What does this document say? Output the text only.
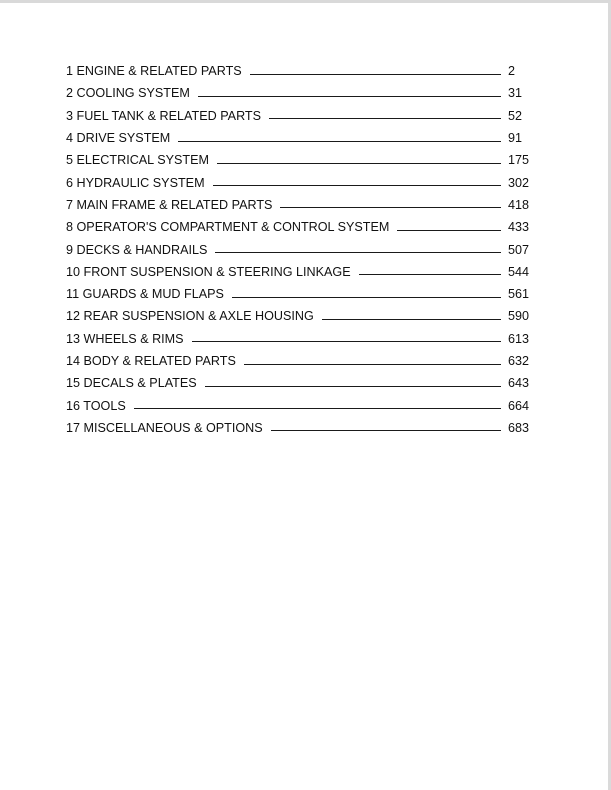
1 ENGINE & RELATED PARTS	2
2 COOLING SYSTEM	31
3 FUEL TANK & RELATED PARTS	52
4 DRIVE SYSTEM	91
5 ELECTRICAL SYSTEM	175
6 HYDRAULIC SYSTEM	302
7 MAIN FRAME & RELATED PARTS	418
8 OPERATOR'S COMPARTMENT & CONTROL SYSTEM	433
9 DECKS & HANDRAILS	507
10 FRONT SUSPENSION & STEERING LINKAGE	544
11 GUARDS & MUD FLAPS	561
12 REAR SUSPENSION & AXLE HOUSING	590
13 WHEELS & RIMS	613
14 BODY & RELATED PARTS	632
15 DECALS & PLATES	643
16 TOOLS	664
17 MISCELLANEOUS & OPTIONS	683
